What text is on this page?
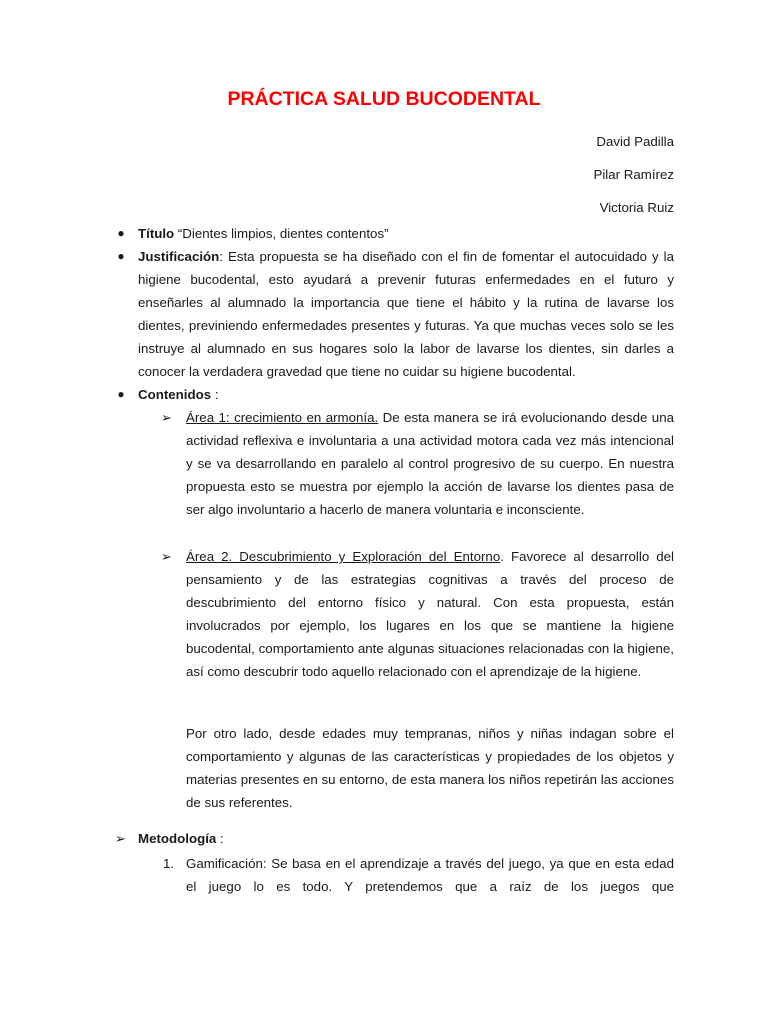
PRÁCTICA SALUD BUCODENTAL
David Padilla
Pilar Ramírez
Victoria Ruiz
● Título “Dientes limpios, dientes contentos”
● Justificación: Esta propuesta se ha diseñado con el fin de fomentar el autocuidado y la higiene bucodental, esto ayudará a prevenir futuras enfermedades en el futuro y enseñarles al alumnado la importancia que tiene el hábito y la rutina de lavarse los dientes, previniendo enfermedades presentes y futuras. Ya que muchas veces solo se les instruye al alumnado en sus hogares solo la labor de lavarse los dientes, sin darles a conocer la verdadera gravedad que tiene no cuidar su higiene bucodental.
● Contenidos :
➢ Área 1: crecimiento en armonía. De esta manera se irá evolucionando desde una actividad reflexiva e involuntaria a una actividad motora cada vez más intencional y se va desarrollando en paralelo al control progresivo de su cuerpo. En nuestra propuesta esto se muestra por ejemplo la acción de lavarse los dientes pasa de ser algo involuntario a hacerlo de manera voluntaria e inconsciente.
➢ Área 2. Descubrimiento y Exploración del Entorno. Favorece al desarrollo del pensamiento y de las estrategias cognitivas a través del proceso de descubrimiento del entorno físico y natural. Con esta propuesta, están involucrados por ejemplo, los lugares en los que se mantiene la higiene bucodental, comportamiento ante algunas situaciones relacionadas con la higiene, así como descubrir todo aquello relacionado con el aprendizaje de la higiene.
Por otro lado, desde edades muy tempranas, niños y niñas indagan sobre el comportamiento y algunas de las características y propiedades de los objetos y materias presentes en su entorno, de esta manera los niños repetirán las acciones de sus referentes.
➢ Metodología :
1. Gamificación: Se basa en el aprendizaje a través del juego, ya que en esta edad el juego lo es todo. Y pretendemos que a raíz de los juegos que
